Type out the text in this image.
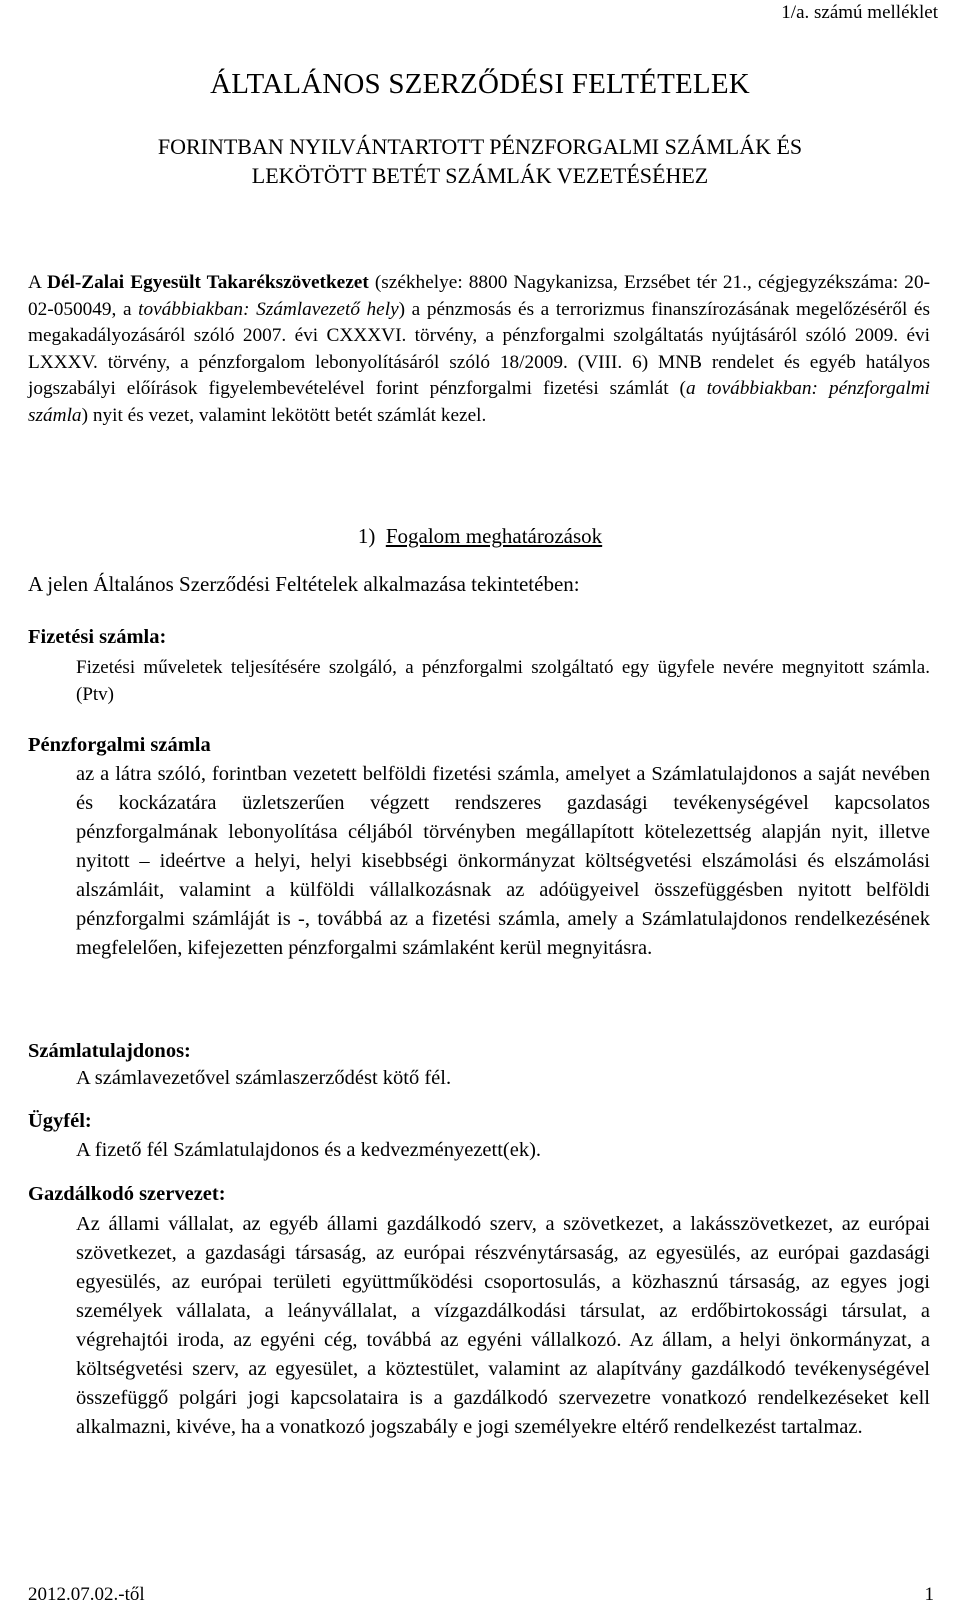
1/a. számú melléklet
ÁLTALÁNOS SZERZŐDÉSI FELTÉTELEK
FORINTBAN NYILVÁNTARTOTT PÉNZFORGALMI SZÁMLÁK ÉS
LEKÖTÖTT BETÉT SZÁMLÁK VEZETÉSÉHEZ

A Dél-Zalai Egyesült Takarékszövetkezet (székhelye: 8800 Nagykanizsa, Erzsébet tér 21., cégjegyzékszáma: 20-02-050049, a továbbiakban: Számlavezető hely) a pénzmosás és a terrorizmus finanszírozásának megelőzéséről és megakadályozásáról szóló 2007. évi CXXXVI. törvény, a pénzforgalmi szolgáltatás nyújtásáról szóló 2009. évi LXXXV. törvény, a pénzforgalom lebonyolításáról szóló 18/2009. (VIII. 6) MNB rendelet és egyéb hatályos jogszabályi előírások figyelembevételével forint pénzforgalmi fizetési számlát (a továbbiakban: pénzforgalmi számla) nyit és vezet, valamint lekötött betét számlát kezel.

1) Fogalom meghatározások
A jelen Általános Szerződési Feltételek alkalmazása tekintetében:
Fizetési számla:
Fizetési műveletek teljesítésére szolgáló, a pénzforgalmi szolgáltató egy ügyfele nevére megnyitott számla. (Ptv)
Pénzforgalmi számla
az a látra szóló, forintban vezetett belföldi fizetési számla, amelyet a Számlatulajdonos a saját nevében és kockázatára üzletszerűen végzett rendszeres gazdasági tevékenységével kapcsolatos pénzforgalmának lebonyolítása céljából törvényben megállapított kötelezettség alapján nyit, illetve nyitott – ideértve a helyi, helyi kisebbségi önkormányzat költségvetési elszámolási és elszámolási alszámláit, valamint a külföldi vállalkozásnak az adóügyeivel összefüggésben nyitott belföldi pénzforgalmi számláját is -, továbbá az a fizetési számla, amely a Számlatulajdonos rendelkezésének megfelelően, kifejezetten pénzforgalmi számlaként kerül megnyitásra.
Számlatulajdonos:
A számlavezetővel számlaszerződést kötő fél.
Ügyfél:
A fizető fél Számlatulajdonos és a kedvezményezett(ek).
Gazdálkodó szervezet:
Az állami vállalat, az egyéb állami gazdálkodó szerv, a szövetkezet, a lakásszövetkezet, az európai szövetkezet, a gazdasági társaság, az európai részvénytársaság, az egyesülés, az európai gazdasági egyesülés, az európai területi együttműködési csoportosulás, a közhasznú társaság, az egyes jogi személyek vállalata, a leányvállalat, a vízgazdálkodási társulat, az erdőbirtokossági társulat, a végrehajtói iroda, az egyéni cég, továbbá az egyéni vállalkozó. Az állam, a helyi önkormányzat, a költségvetési szerv, az egyesület, a köztestület, valamint az alapítvány gazdálkodó tevékenységével összefüggő polgári jogi kapcsolataira is a gazdálkodó szervezetre vonatkozó rendelkezéseket kell alkalmazni, kivéve, ha a vonatkozó jogszabály e jogi személyekre eltérő rendelkezést tartalmaz.
2012.07.02.-től	1
